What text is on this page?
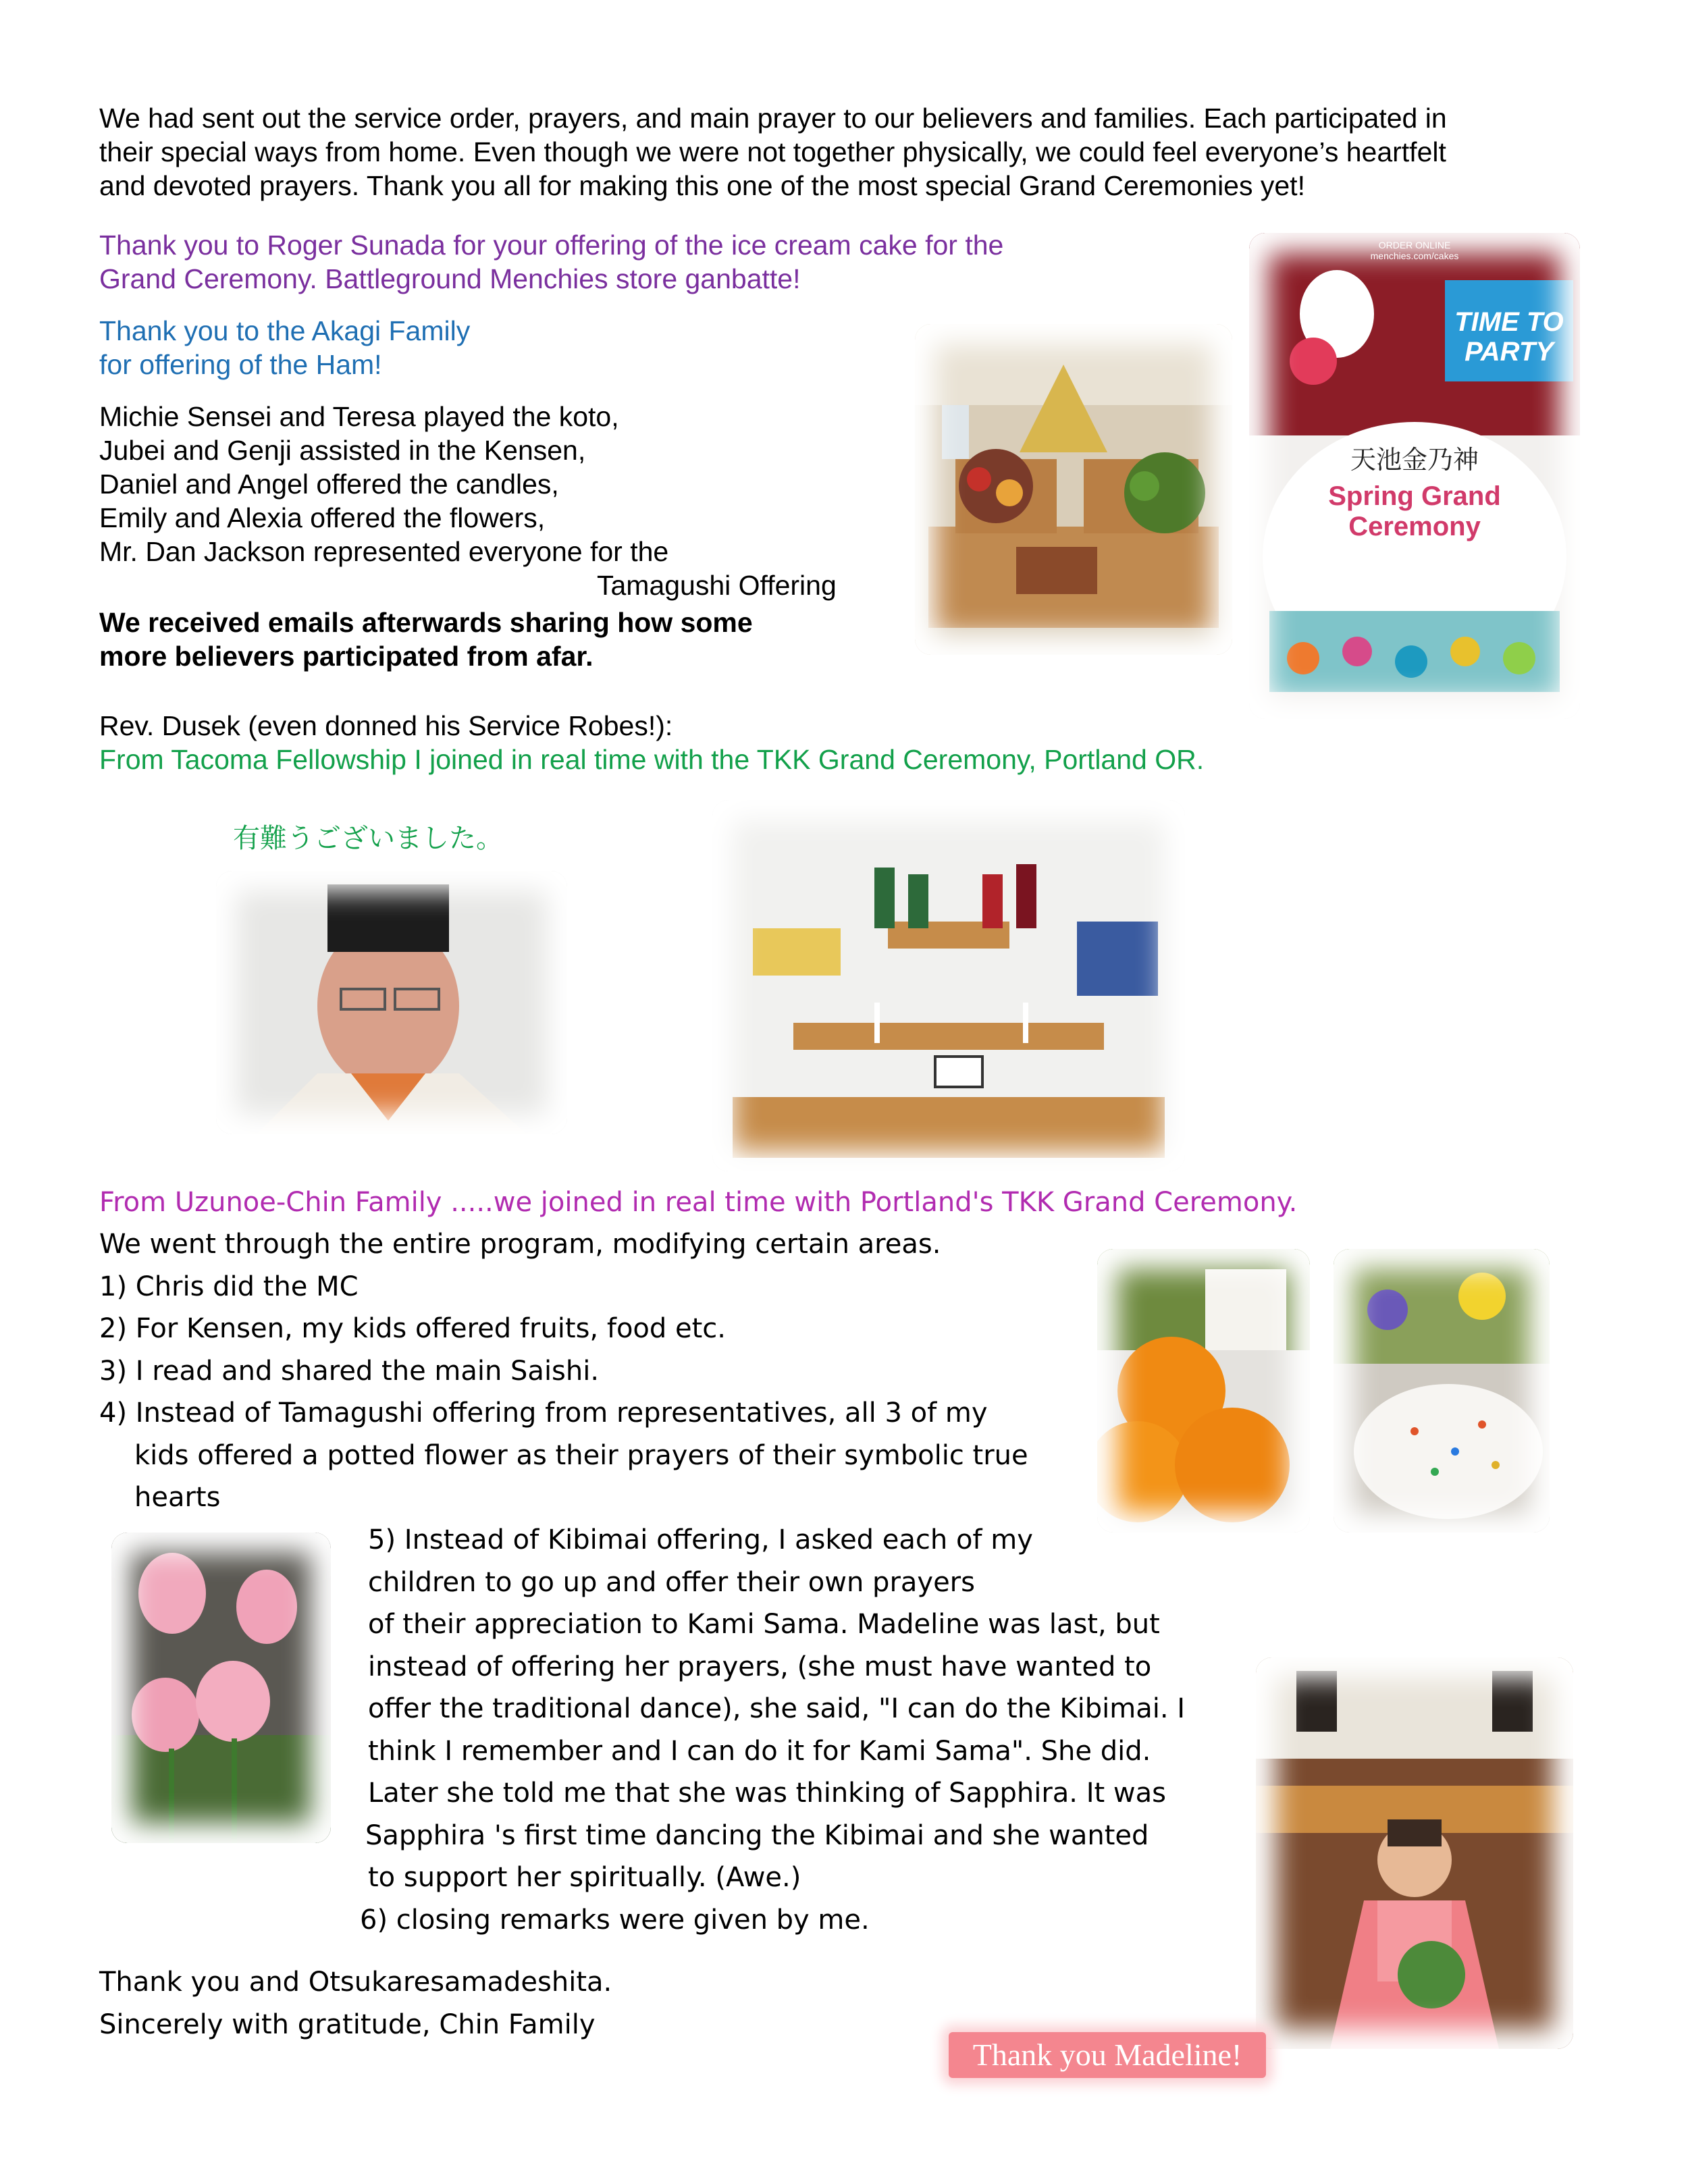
We had sent out the service order, prayers, and main prayer to our believers and families. Each participated in
their special ways from home. Even though we were not together physically, we could feel everyone’s heartfelt
and devoted prayers. Thank you all for making this one of the most special Grand Ceremonies yet!
Thank you to Roger Sunada for your offering of the ice cream cake for the
Grand Ceremony. Battleground Menchies store ganbatte!
Thank you to the Akagi Family
for offering of the Ham!
Michie Sensei and Teresa played the koto,
Jubei and Genji assisted in the Kensen,
Daniel and Angel offered the candles,
Emily and Alexia offered the flowers,
Mr. Dan Jackson represented everyone for the
Tamagushi Offering
We received emails afterwards sharing how some
more believers participated from afar.
Rev. Dusek (even donned his Service Robes!):
From Tacoma Fellowship I joined in real time with the TKK Grand Ceremony, Portland OR.
有難うございました。
ORDER ONLINE
menchies.com/cakes
TIME TO PARTY
天池金乃神
Spring Grand
Ceremony
From Uzunoe-Chin Family .....we joined in real time with Portland's TKK Grand Ceremony.
We went through the entire program, modifying certain areas.
1) Chris did the MC
2) For Kensen, my kids offered fruits, food etc.
3) I read and shared the main Saishi.
4) Instead of Tamagushi offering from representatives, all 3 of my
kids offered a potted flower as their prayers of their symbolic true
hearts
5) Instead of Kibimai offering, I asked each of my
children to go up and offer their own prayers
of their appreciation to Kami Sama. Madeline was last, but
instead of offering her prayers, (she must have wanted to
offer the traditional dance), she said, "I can do the Kibimai. I
think I remember and I can do it for Kami Sama". She did.
Later she told me that she was thinking of Sapphira. It was
Sapphira 's first time dancing the Kibimai and she wanted
to support her spiritually. (Awe.)
6) closing remarks were given by me.
Thank you and Otsukaresamadeshita.
Sincerely with gratitude, Chin Family
Thank you Madeline!
